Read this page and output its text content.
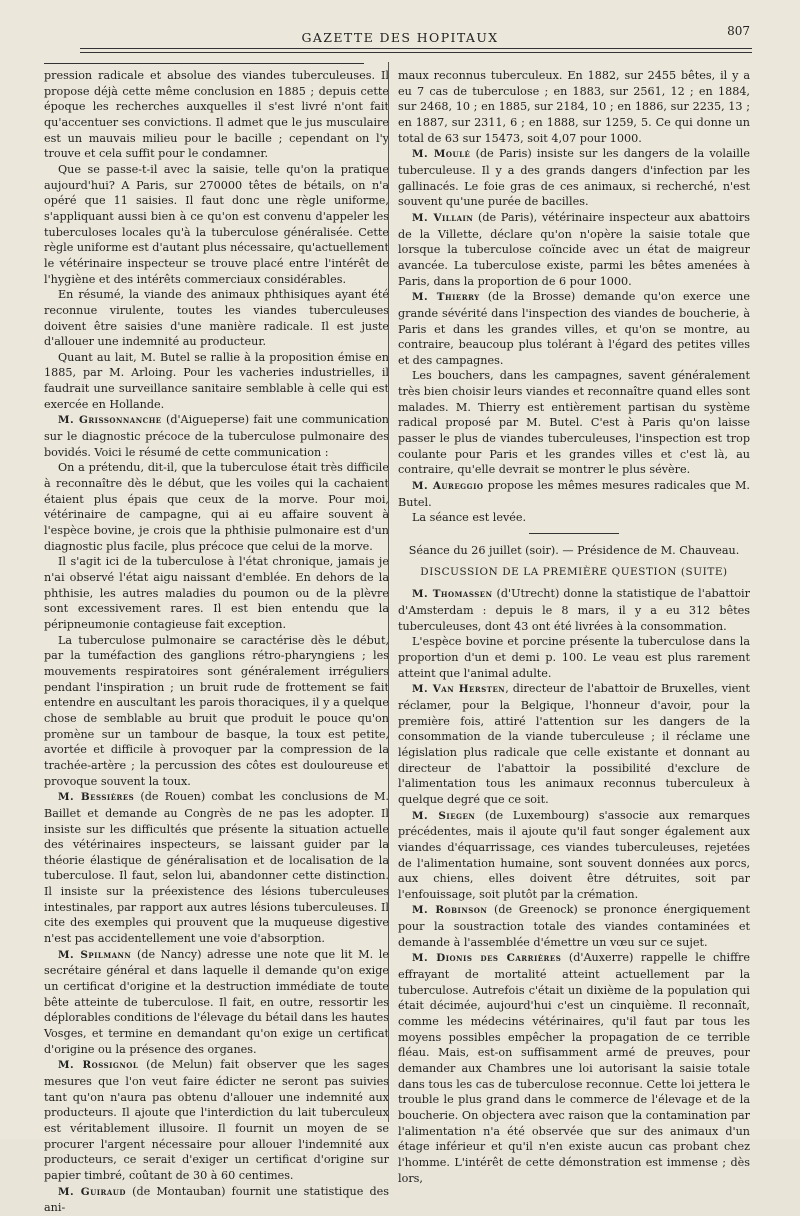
GAZETTE DES HOPITAUX	807

pression radicale et absolue des viandes tuberculeuses. Il propose déjà cette même conclusion en 1885 ; depuis cette époque les recherches auxquelles il s'est livré n'ont fait qu'accentuer ses convictions. Il admet que le jus musculaire est un mauvais milieu pour le bacille ; cependant on l'y trouve et cela suffit pour le condamner.

Que se passe-t-il avec la saisie, telle qu'on la pratique aujourd'hui? A Paris, sur 270000 têtes de bétails, on n'a opéré que 11 saisies. Il faut donc une règle uniforme, s'appliquant aussi bien à ce qu'on est convenu d'appeler les tuberculoses locales qu'à la tuberculose généralisée. Cette règle uniforme est d'autant plus nécessaire, qu'actuellement le vétérinaire inspecteur se trouve placé entre l'intérêt de l'hygiène et des intérêts commerciaux considérables.

En résumé, la viande des animaux phthisiques ayant été reconnue virulente, toutes les viandes tuberculeuses doivent être saisies d'une manière radicale. Il est juste d'allouer une indemnité au producteur.

Quant au lait, M. Butel se rallie à la proposition émise en 1885, par M. Arloing. Pour les vacheries industrielles, il faudrait une surveillance sanitaire semblable à celle qui est exercée en Hollande.

M. Grissonnanche (d'Aigueperse) fait une communication sur le diagnostic précoce de la tuberculose pulmonaire des bovidés. Voici le résumé de cette communication :

On a prétendu, dit-il, que la tuberculose était très difficile à reconnaître dès le début, que les voiles qui la cachaient étaient plus épais que ceux de la morve. Pour moi, vétérinaire de campagne, qui ai eu affaire souvent à l'espèce bovine, je crois que la phthisie pulmonaire est d'un diagnostic plus facile, plus précoce que celui de la morve.

Il s'agit ici de la tuberculose à l'état chronique, jamais je n'ai observé l'état aigu naissant d'emblée. En dehors de la phthisie, les autres maladies du poumon ou de la plèvre sont excessivement rares. Il est bien entendu que la péripneumonie contagieuse fait exception.

La tuberculose pulmonaire se caractérise dès le début, par la tuméfaction des ganglions rétro-pharyngiens ; les mouvements respiratoires sont généralement irréguliers pendant l'inspiration ; un bruit rude de frottement se fait entendre en auscultant les parois thoraciques, il y a quelque chose de semblable au bruit que produit le pouce qu'on promène sur un tambour de basque, la toux est petite, avortée et difficile à provoquer par la compression de la trachée-artère ; la percussion des côtes est douloureuse et provoque souvent la toux.

M. Bessières (de Rouen) combat les conclusions de M. Baillet et demande au Congrès de ne pas les adopter. Il insiste sur les difficultés que présente la situation actuelle des vétérinaires inspecteurs, se laissant guider par la théorie élastique de généralisation et de localisation de la tuberculose. Il faut, selon lui, abandonner cette distinction. Il insiste sur la préexistence des lésions tuberculeuses intestinales, par rapport aux autres lésions tuberculeuses. Il cite des exemples qui prouvent que la muqueuse digestive n'est pas accidentellement une voie d'absorption.

M. Spilmann (de Nancy) adresse une note que lit M. le secrétaire général et dans laquelle il demande qu'on exige un certificat d'origine et la destruction immédiate de toute bête atteinte de tuberculose. Il fait, en outre, ressortir les déplorables conditions de l'élevage du bétail dans les hautes Vosges, et termine en demandant qu'on exige un certificat d'origine ou la présence des organes.

M. Rossignol (de Melun) fait observer que les sages mesures que l'on veut faire édicter ne seront pas suivies tant qu'on n'aura pas obtenu d'allouer une indemnité aux producteurs. Il ajoute que l'interdiction du lait tuberculeux est véritablement illusoire. Il fournit un moyen de se procurer l'argent nécessaire pour allouer l'indemnité aux producteurs, ce serait d'exiger un certificat d'origine sur papier timbré, coûtant de 30 à 60 centimes.

M. Guiraud (de Montauban) fournit une statistique des ani-

maux reconnus tuberculeux. En 1882, sur 2455 bêtes, il y a eu 7 cas de tuberculose ; en 1883, sur 2561, 12 ; en 1884, sur 2468, 10 ; en 1885, sur 2184, 10 ; en 1886, sur 2235, 13 ; en 1887, sur 2311, 6 ; en 1888, sur 1259, 5. Ce qui donne un total de 63 sur 15473, soit 4,07 pour 1000.

M. Moulé (de Paris) insiste sur les dangers de la volaille tuberculeuse. Il y a des grands dangers d'infection par les gallinacés. Le foie gras de ces animaux, si recherché, n'est souvent qu'une purée de bacilles.

M. Villain (de Paris), vétérinaire inspecteur aux abattoirs de la Villette, déclare qu'on n'opère la saisie totale que lorsque la tuberculose coïncide avec un état de maigreur avancée. La tuberculose existe, parmi les bêtes amenées à Paris, dans la proportion de 6 pour 1000.

M. Thierry (de la Brosse) demande qu'on exerce une grande sévérité dans l'inspection des viandes de boucherie, à Paris et dans les grandes villes, et qu'on se montre, au contraire, beaucoup plus tolérant à l'égard des petites villes et des campagnes.

Les bouchers, dans les campagnes, savent généralement très bien choisir leurs viandes et reconnaître quand elles sont malades. M. Thierry est entièrement partisan du système radical proposé par M. Butel. C'est à Paris qu'on laisse passer le plus de viandes tuberculeuses, l'inspection est trop coulante pour Paris et les grandes villes et c'est là, au contraire, qu'elle devrait se montrer le plus sévère.

M. Aureggio propose les mêmes mesures radicales que M. Butel.

La séance est levée.

Séance du 26 juillet (soir). — Présidence de M. Chauveau.

DISCUSSION DE LA PREMIÈRE QUESTION (SUITE)

M. Thomassen (d'Utrecht) donne la statistique de l'abattoir d'Amsterdam : depuis le 8 mars, il y a eu 312 bêtes tuberculeuses, dont 43 ont été livrées à la consommation.

L'espèce bovine et porcine présente la tuberculose dans la proportion d'un et demi p. 100. Le veau est plus rarement atteint que l'animal adulte.

M. Van Hersten, directeur de l'abattoir de Bruxelles, vient réclamer, pour la Belgique, l'honneur d'avoir, pour la première fois, attiré l'attention sur les dangers de la consommation de la viande tuberculeuse ; il réclame une législation plus radicale que celle existante et donnant au directeur de l'abattoir la possibilité d'exclure de l'alimentation tous les animaux reconnus tuberculeux à quelque degré que ce soit.

M. Siegen (de Luxembourg) s'associe aux remarques précédentes, mais il ajoute qu'il faut songer également aux viandes d'équarrissage, ces viandes tuberculeuses, rejetées de l'alimentation humaine, sont souvent données aux porcs, aux chiens, elles doivent être détruites, soit par l'enfouissage, soit plutôt par la crémation.

M. Robinson (de Greenock) se prononce énergiquement pour la soustraction totale des viandes contaminées et demande à l'assemblée d'émettre un vœu sur ce sujet.

M. Dionis des Carrières (d'Auxerre) rappelle le chiffre effrayant de mortalité atteint actuellement par la tuberculose. Autrefois c'était un dixième de la population qui était décimée, aujourd'hui c'est un cinquième. Il reconnaît, comme les médecins vétérinaires, qu'il faut par tous les moyens possibles empêcher la propagation de ce terrible fléau. Mais, est-on suffisamment armé de preuves, pour demander aux Chambres une loi autorisant la saisie totale dans tous les cas de tuberculose reconnue. Cette loi jettera le trouble le plus grand dans le commerce de l'élevage et de la boucherie. On objectera avec raison que la contamination par l'alimentation n'a été observée que sur des animaux d'un étage inférieur et qu'il n'en existe aucun cas probant chez l'homme. L'intérêt de cette démonstration est immense ; dès lors,
